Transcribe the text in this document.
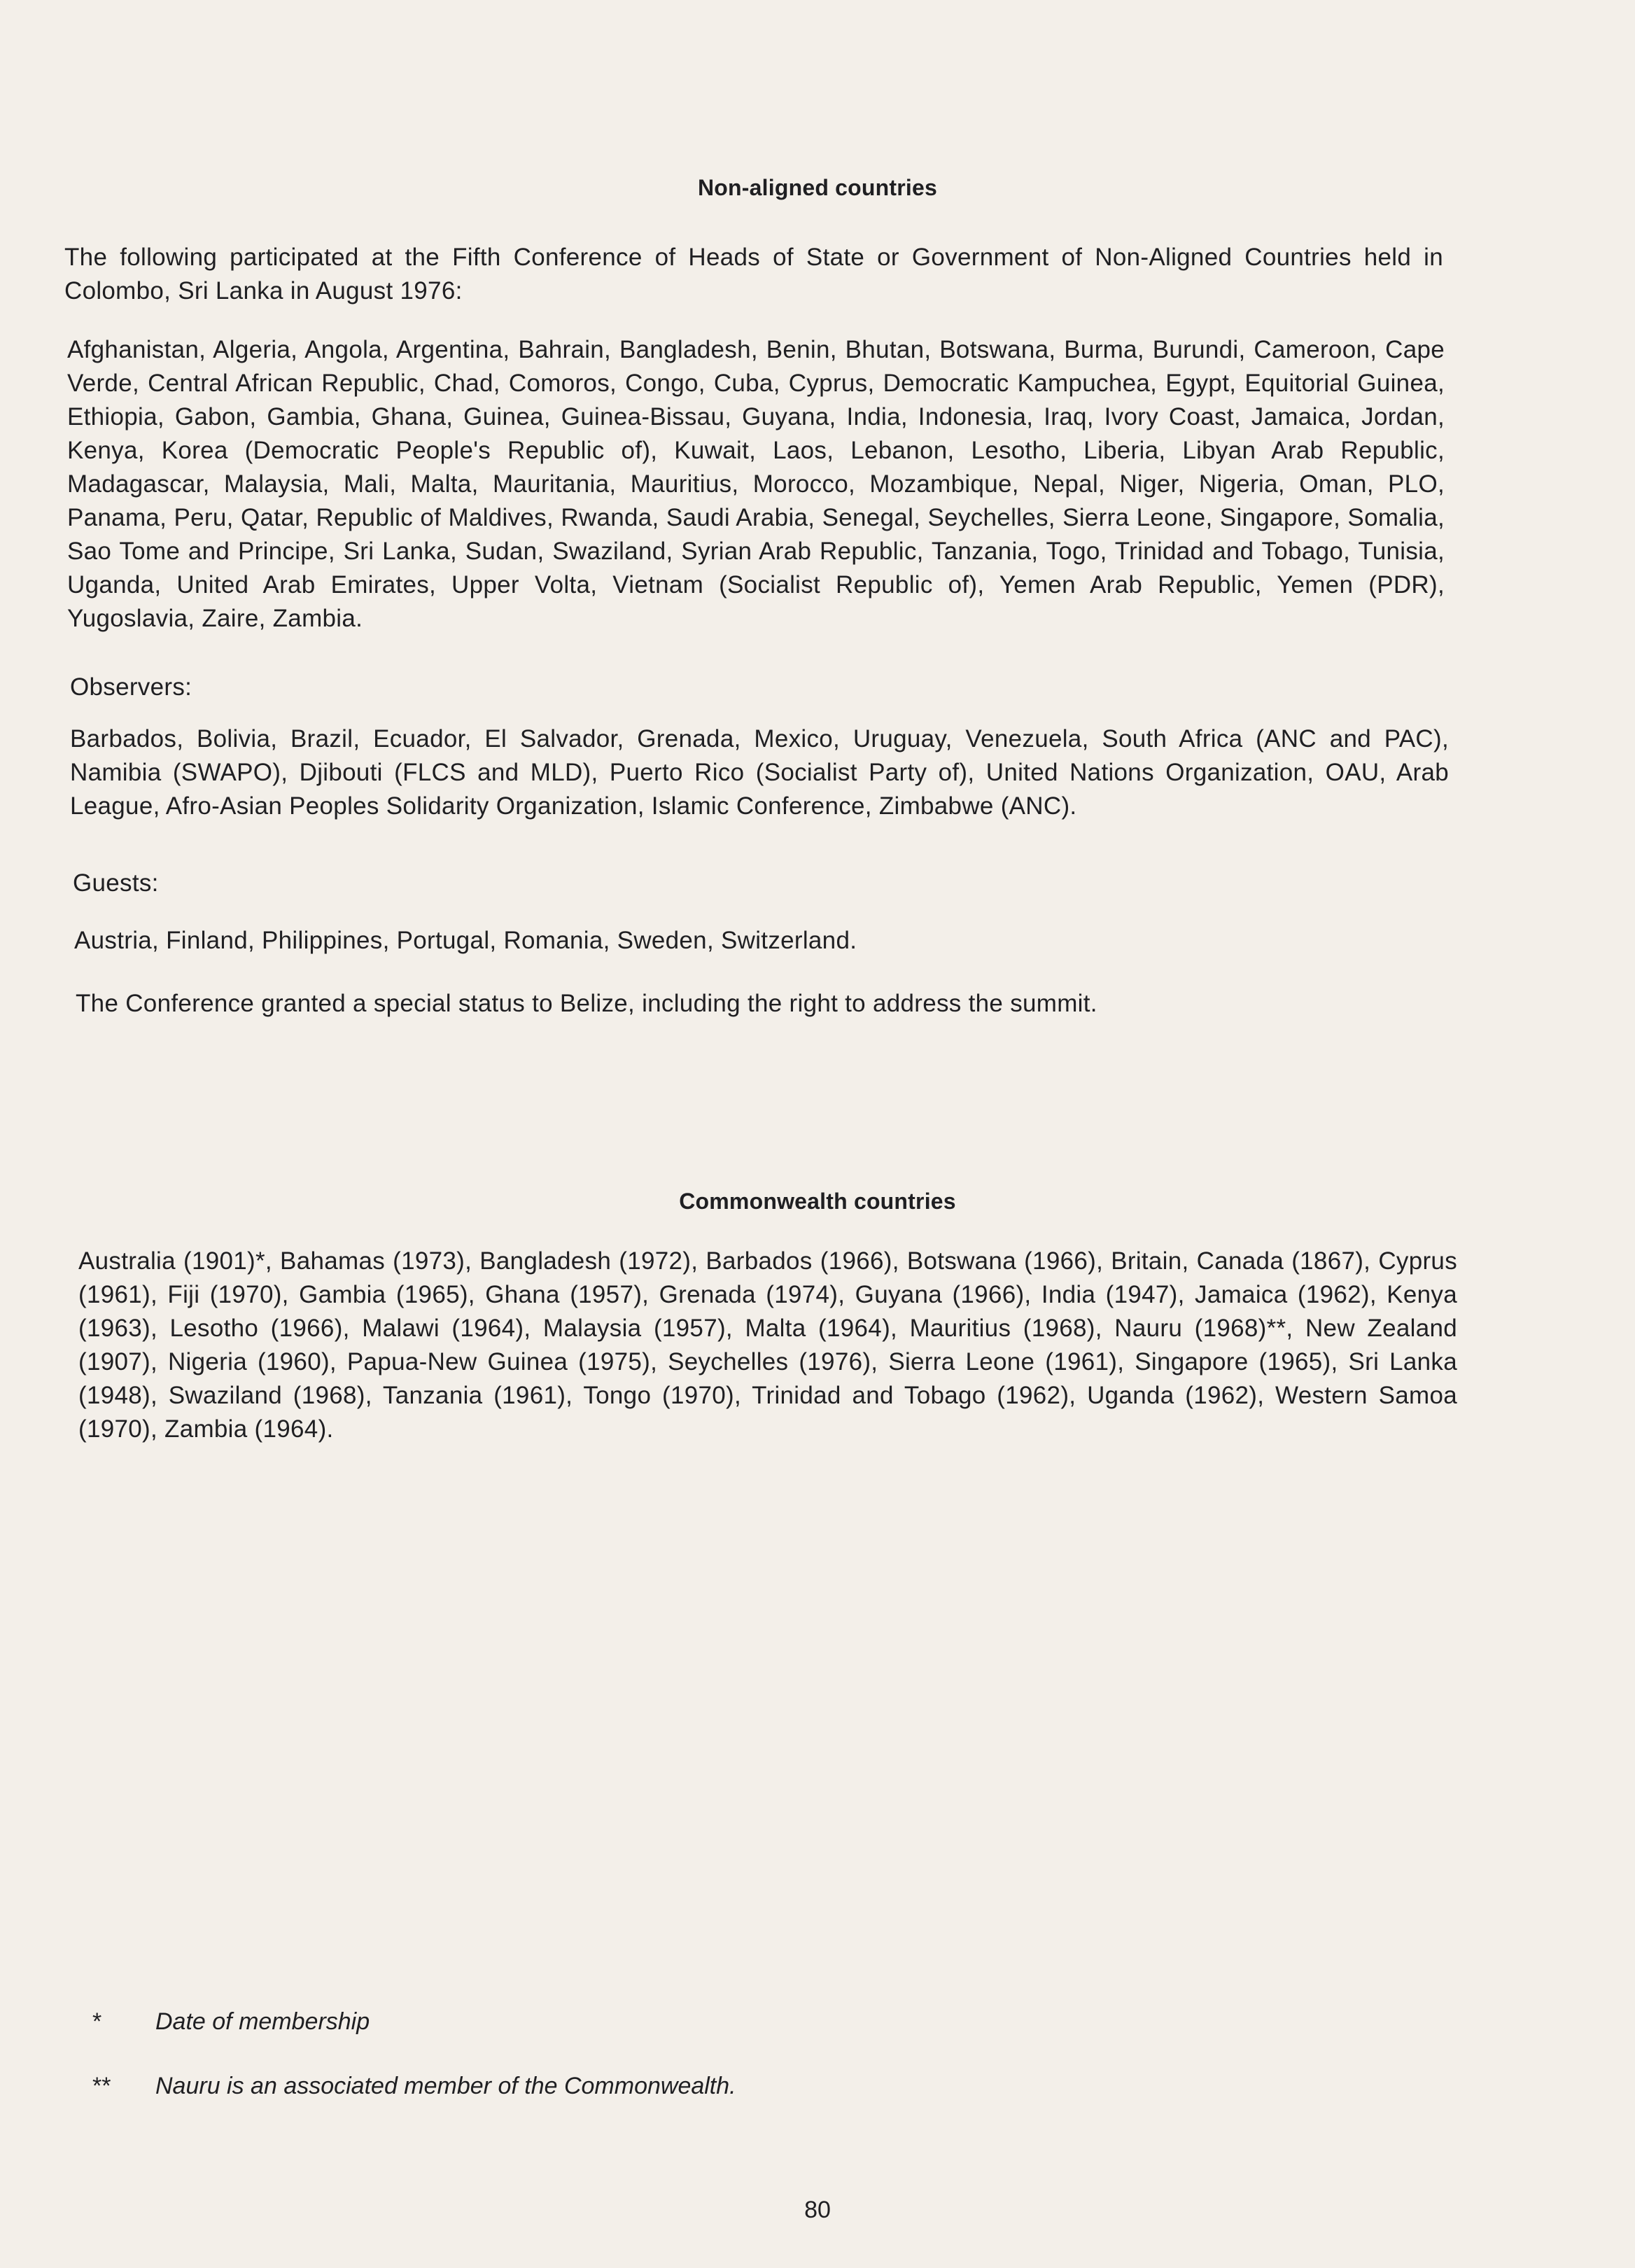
Non-aligned countries
The following participated at the Fifth Conference of Heads of State or Government of Non-Aligned Countries held in Colombo, Sri Lanka in August 1976:
Afghanistan, Algeria, Angola, Argentina, Bahrain, Bangladesh, Benin, Bhutan, Botswana, Burma, Burundi, Cameroon, Cape Verde, Central African Republic, Chad, Comoros, Congo, Cuba, Cyprus, Democratic Kampuchea, Egypt, Equitorial Guinea, Ethiopia, Gabon, Gambia, Ghana, Guinea, Guinea-Bissau, Guyana, India, Indonesia, Iraq, Ivory Coast, Jamaica, Jordan, Kenya, Korea (Democratic People's Republic of), Kuwait, Laos, Lebanon, Lesotho, Liberia, Libyan Arab Republic, Madagascar, Malaysia, Mali, Malta, Mauritania, Mauritius, Morocco, Mozambique, Nepal, Niger, Nigeria, Oman, PLO, Panama, Peru, Qatar, Republic of Maldives, Rwanda, Saudi Arabia, Senegal, Seychelles, Sierra Leone, Singapore, Somalia, Sao Tome and Principe, Sri Lanka, Sudan, Swaziland, Syrian Arab Republic, Tanzania, Togo, Trinidad and Tobago, Tunisia, Uganda, United Arab Emirates, Upper Volta, Vietnam (Socialist Republic of), Yemen Arab Republic, Yemen (PDR), Yugoslavia, Zaire, Zambia.
Observers:
Barbados, Bolivia, Brazil, Ecuador, El Salvador, Grenada, Mexico, Uruguay, Venezuela, South Africa (ANC and PAC), Namibia (SWAPO), Djibouti (FLCS and MLD), Puerto Rico (Socialist Party of), United Nations Organization, OAU, Arab League, Afro-Asian Peoples Solidarity Organization, Islamic Conference, Zimbabwe (ANC).
Guests:
Austria, Finland, Philippines, Portugal, Romania, Sweden, Switzerland.
The Conference granted a special status to Belize, including the right to address the summit.
Commonwealth countries
Australia (1901)*, Bahamas (1973), Bangladesh (1972), Barbados (1966), Botswana (1966), Britain, Canada (1867), Cyprus (1961), Fiji (1970), Gambia (1965), Ghana (1957), Grenada (1974), Guyana (1966), India (1947), Jamaica (1962), Kenya (1963), Lesotho (1966), Malawi (1964), Malaysia (1957), Malta (1964), Mauritius (1968), Nauru (1968)**, New Zealand (1907), Nigeria (1960), Papua-New Guinea (1975), Seychelles (1976), Sierra Leone (1961), Singapore (1965), Sri Lanka (1948), Swaziland (1968), Tanzania (1961), Tongo (1970), Trinidad and Tobago (1962), Uganda (1962), Western Samoa (1970), Zambia (1964).
* Date of membership
** Nauru is an associated member of the Commonwealth.
80
